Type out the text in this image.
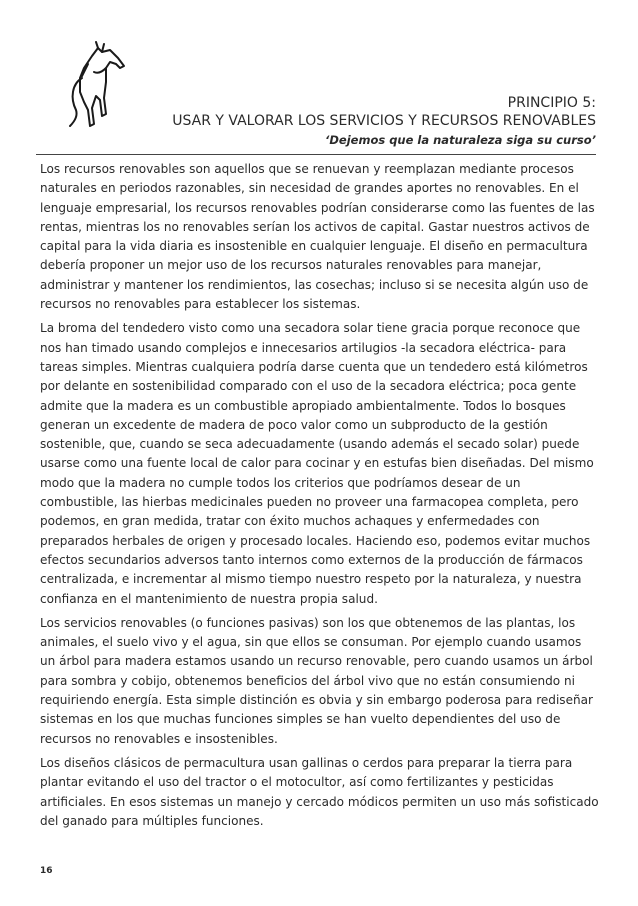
PRINCIPIO 5:
USAR Y VALORAR LOS SERVICIOS Y RECURSOS RENOVABLES
‘Dejemos que la naturaleza siga su curso’

Los recursos renovables son aquellos que se renuevan y reemplazan mediante procesos naturales en periodos razonables, sin necesidad de grandes aportes no renovables. En el lenguaje empresarial, los recursos renovables podrían considerarse como las fuentes de las rentas, mientras los no renovables serían los activos de capital. Gastar nuestros activos de capital para la vida diaria es insostenible en cualquier lenguaje. El diseño en permacultura debería proponer un mejor uso de los recursos naturales renovables para manejar, administrar y mantener los rendimientos, las cosechas; incluso si se necesita algún uso de recursos no renovables para establecer los sistemas.

La broma del tendedero visto como una secadora solar tiene gracia porque reconoce que nos han timado usando complejos e innecesarios artilugios -la secadora eléctrica- para tareas simples. Mientras cualquiera podría darse cuenta que un tendedero está kilómetros por delante en sostenibilidad comparado con el uso de la secadora eléctrica; poca gente admite que la madera es un combustible apropiado ambientalmente. Todos lo bosques generan un excedente de madera de poco valor como un subproducto de la gestión sostenible, que, cuando se seca adecuadamente (usando además el secado solar) puede usarse como una fuente local de calor para cocinar y en estufas bien diseñadas. Del mismo modo que la madera no cumple todos los criterios que podríamos desear de un combustible, las hierbas medicinales pueden no proveer una farmacopea completa, pero podemos, en gran medida, tratar con éxito muchos achaques y enfermedades con preparados herbales de origen y procesado locales. Haciendo eso, podemos evitar muchos efectos secundarios adversos tanto internos como externos de la producción de fármacos centralizada, e incrementar al mismo tiempo nuestro respeto por la naturaleza, y nuestra confianza en el mantenimiento de nuestra propia salud.

Los servicios renovables (o funciones pasivas) son los que obtenemos de las plantas, los animales, el suelo vivo y el agua, sin que ellos se consuman. Por ejemplo cuando usamos un árbol para madera estamos usando un recurso renovable, pero cuando usamos un árbol para sombra y cobijo, obtenemos beneficios del árbol vivo que no están consumiendo ni requiriendo energía. Esta simple distinción es obvia y sin embargo poderosa para rediseñar sistemas en los que muchas funciones simples se han vuelto dependientes del uso de recursos no renovables e insostenibles.

Los diseños clásicos de permacultura usan gallinas o cerdos para preparar la tierra para plantar evitando el uso del tractor o el motocultor, así como fertilizantes y pesticidas artificiales. En esos sistemas un manejo y cercado módicos permiten un uso más sofisticado del ganado para múltiples funciones.

16
